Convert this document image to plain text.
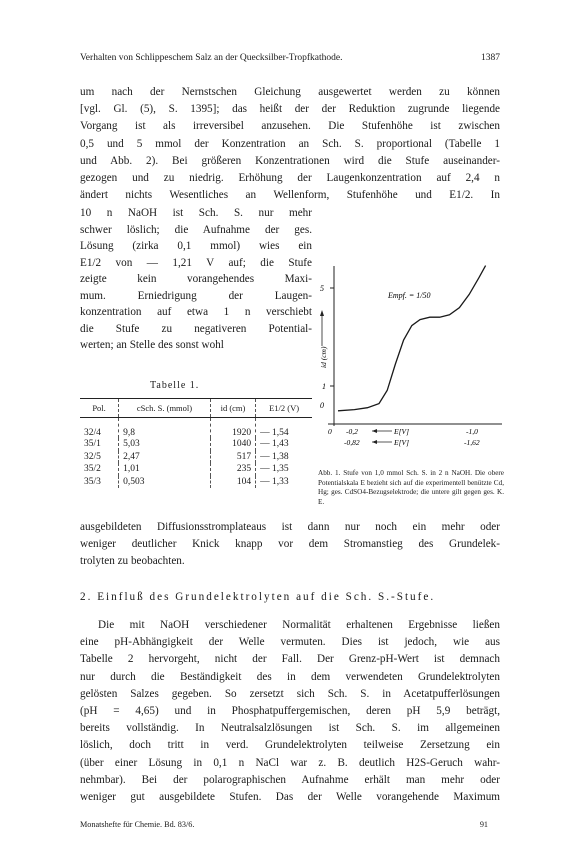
Verhalten von Schlippeschem Salz an der Quecksilber-Tropfkathode.	1387
um nach der Nernstschen Gleichung ausgewertet werden zu können
[vgl. Gl. (5), S. 1395]; das heißt der der Reduktion zugrunde liegende
Vorgang ist als irreversibel anzusehen. Die Stufenhöhe ist zwischen
0,5 und 5 mmol der Konzentration an Sch. S. proportional (Tabelle 1
und Abb. 2). Bei größeren Konzentrationen wird die Stufe auseinander-
gezogen und zu niedrig. Erhöhung der Laugenkonzentration auf 2,4 n
ändert nichts Wesentliches an Wellenform, Stufenhöhe und E1/2. In
10 n NaOH ist Sch. S. nur mehr
schwer löslich; die Aufnahme der ges.
Lösung (zirka 0,1 mmol) wies ein
E1/2 von — 1,21 V auf; die Stufe
zeigte kein vorangehendes Maxi-
mum. Erniedrigung der Laugen-
konzentration auf etwa 1 n verschiebt
die Stufe zu negativeren Potential-
werten; an Stelle des sonst wohl
Tabelle 1.
Pol.	cSch. S. (mmol)	id (cm)	E1/2 (V)
32/4	9,8	1920	— 1,54
35/1	5,03	1040	— 1,43
32/5	2,47	517	— 1,38
35/2	1,01	235	— 1,35
35/3	0,503	104	— 1,33
5
1
0
id (cm)
Empf. = 1/50
0 -0,2	E[V]	-1,0
-0,82	E[V]	-1,62
Abb. 1. Stufe von 1,0 mmol Sch. S. in 2 n NaOH. Die obere Potentialskala E bezieht sich auf die experimentell benützte Cd, Hg; ges. CdSO4-Bezugselektrode; die untere gilt gegen ges. K. E.
ausgebildeten Diffusionsstromplateaus ist dann nur noch ein mehr oder
weniger deutlicher Knick knapp vor dem Stromanstieg des Grundelek-
trolyten zu beobachten.
2. Einfluß des Grundelektrolyten auf die Sch. S.-Stufe.
Die mit NaOH verschiedener Normalität erhaltenen Ergebnisse ließen
eine pH-Abhängigkeit der Welle vermuten. Dies ist jedoch, wie aus
Tabelle 2 hervorgeht, nicht der Fall. Der Grenz-pH-Wert ist demnach
nur durch die Beständigkeit des in dem verwendeten Grundelektrolyten
gelösten Salzes gegeben. So zersetzt sich Sch. S. in Acetatpufferlösungen
(pH = 4,65) und in Phosphatpuffergemischen, deren pH 5,9 beträgt,
bereits vollständig. In Neutralsalzlösungen ist Sch. S. im allgemeinen
löslich, doch tritt in verd. Grundelektrolyten teilweise Zersetzung ein
(über einer Lösung in 0,1 n NaCl war z. B. deutlich H2S-Geruch wahr-
nehmbar). Bei der polarographischen Aufnahme erhält man mehr oder
weniger gut ausgebildete Stufen. Das der Welle vorangehende Maximum
Monatshefte für Chemie. Bd. 83/6.	91
